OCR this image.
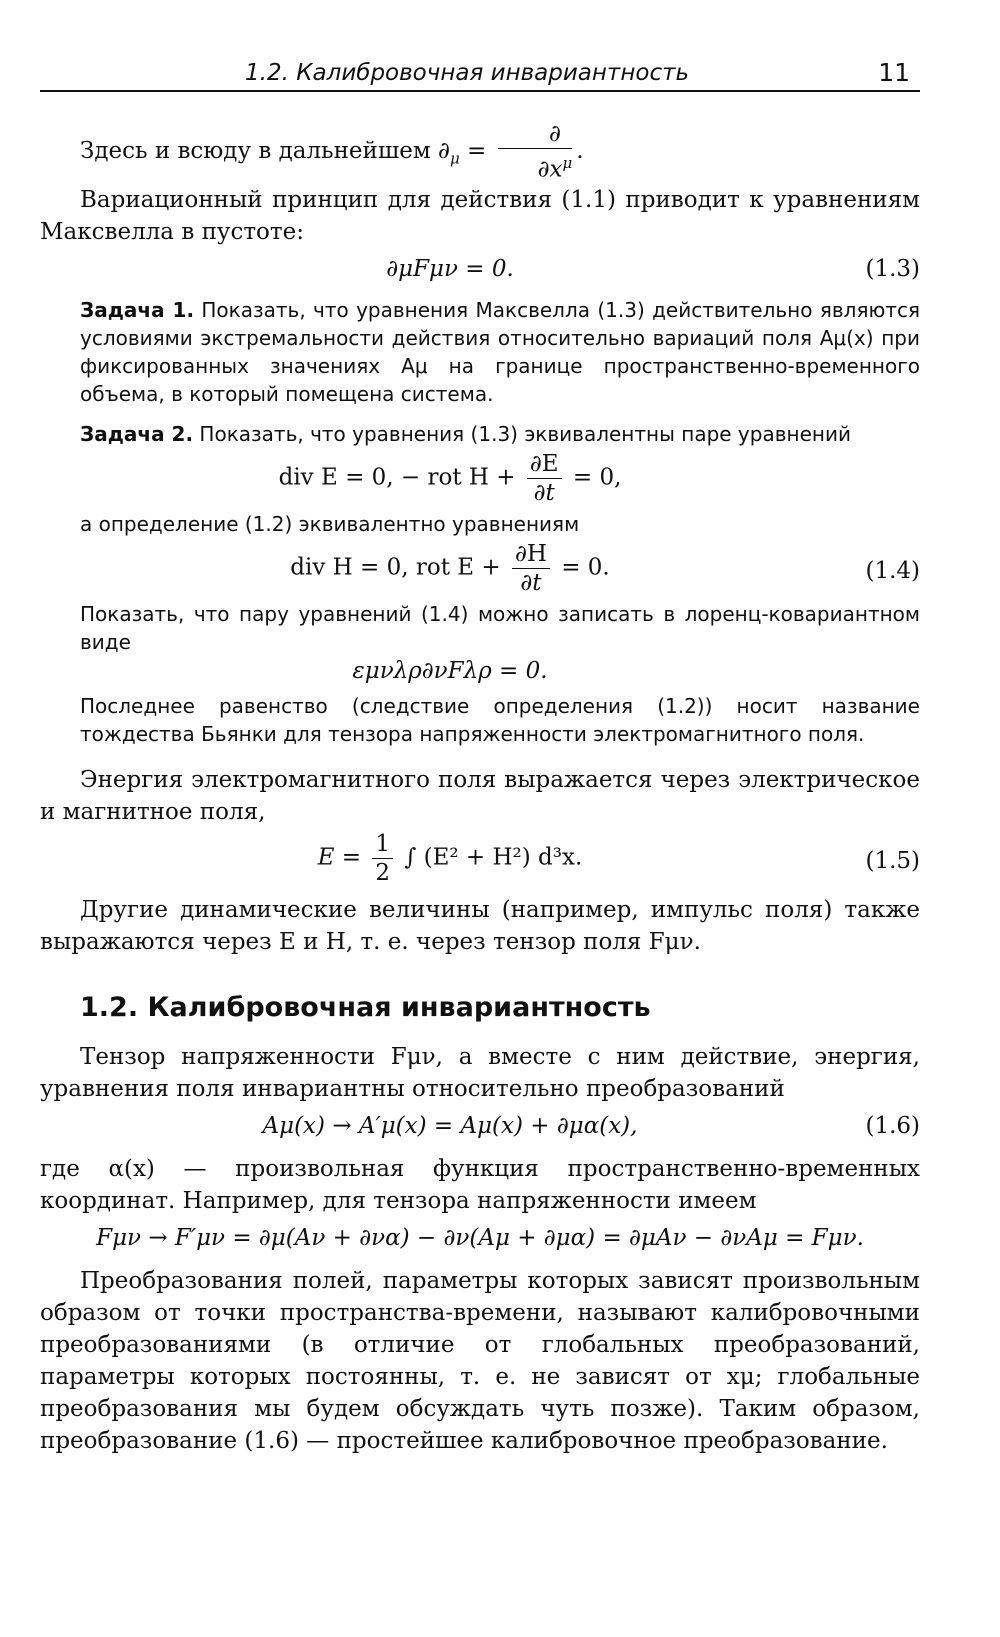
1.2. Калибровочная инвариантность	11

Здесь и всюду в дальнейшем $\partial_\mu = \frac{\partial}{\partial x^\mu}$ .

Вариационный принцип для действия (1.1) приводит к уравнениям Максвелла в пустоте:

∂μFμν = 0.	(1.3)

Задача 1. Показать, что уравнения Максвелла (1.3) действительно являются условиями экстремальности действия относительно вариаций поля Aμ(x) при фиксированных значениях Aμ на границе пространственно-временного объема, в который помещена система.

Задача 2. Показать, что уравнения (1.3) эквивалентны паре уравнений

div E = 0, − rot $H + \frac{\partial E}{\partial t} = 0$,

а определение (1.2) эквивалентно уравнениям

div H = 0, rot $E + \frac{\partial H}{\partial t} = 0$.	(1.4)

Показать, что пару уравнений (1.4) можно записать в лоренц-ковариантном виде

εμνλρ∂νFλρ = 0.

Последнее равенство (следствие определения (1.2)) носит название тождества Бьянки для тензора напряженности электромагнитного поля.

Энергия электромагнитного поля выражается через электрическое и магнитное поля,

$E = \frac{1}{2}$ ∫ (E² + H²) d³x.	(1.5)

Другие динамические величины (например, импульс поля) также выражаются через E и H, т. е. через тензор поля Fμν.

1.2. Калибровочная инвариантность

Тензор напряженности Fμν, а вместе с ним действие, энергия, уравнения поля инвариантны относительно преобразований

Aμ(x) → A′μ(x) = Aμ(x) + ∂μα(x),	(1.6)

где α(x) — произвольная функция пространственно-временных координат. Например, для тензора напряженности имеем

Fμν → F′μν = ∂μ(Aν + ∂να) − ∂ν(Aμ + ∂μα) = ∂μAν − ∂νAμ = Fμν.

Преобразования полей, параметры которых зависят произвольным образом от точки пространства-времени, называют калибровочными преобразованиями (в отличие от глобальных преобразований, параметры которых постоянны, т. е. не зависят от xμ; глобальные преобразования мы будем обсуждать чуть позже). Таким образом, преобразование (1.6) — простейшее калибровочное преобразование.
